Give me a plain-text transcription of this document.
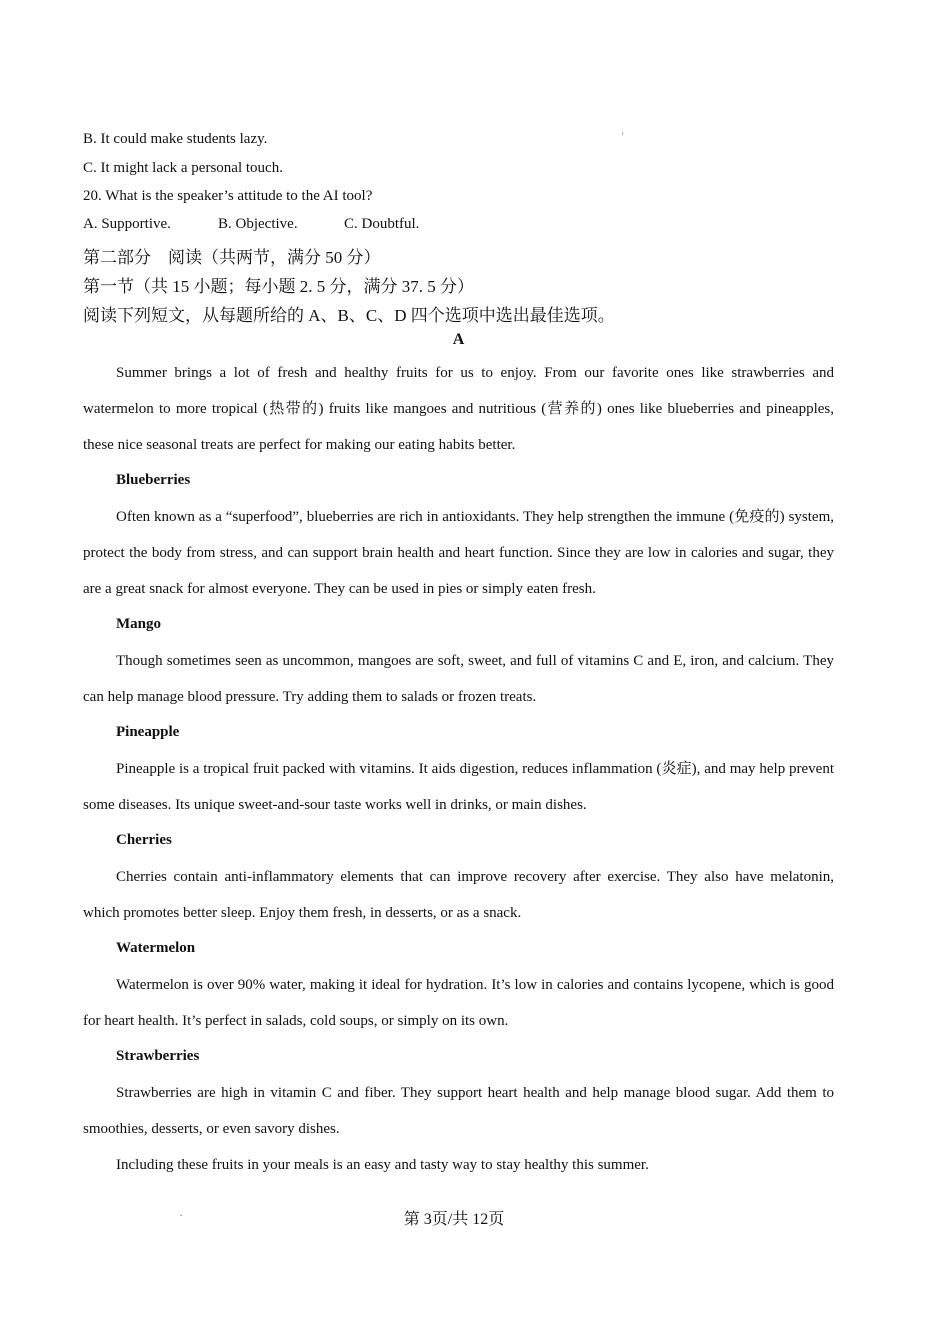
B. It could make students lazy.	'
C. It might lack a personal touch.
20. What is the speaker’s attitude to the AI tool?
A. Supportive.	B. Objective.	C. Doubtful.
第二部分　阅读（共两节，满分 50 分）
第一节（共 15 小题；每小题 2. 5 分，满分 37. 5 分）
阅读下列短文，从每题所给的 A、B、C、D 四个选项中选出最佳选项。
A

Summer brings a lot of fresh and healthy fruits for us to enjoy. From our favorite ones like strawberries and watermelon to more tropical (热带的) fruits like mangoes and nutritious (营养的) ones like blueberries and pineapples, these nice seasonal treats are perfect for making our eating habits better.

Blueberries

Often known as a “superfood”, blueberries are rich in antioxidants. They help strengthen the immune (免疫的) system, protect the body from stress, and can support brain health and heart function. Since they are low in calories and sugar, they are a great snack for almost everyone. They can be used in pies or simply eaten fresh.

Mango

Though sometimes seen as uncommon, mangoes are soft, sweet, and full of vitamins C and E, iron, and calcium. They can help manage blood pressure. Try adding them to salads or frozen treats.

Pineapple

Pineapple is a tropical fruit packed with vitamins. It aids digestion, reduces inflammation (炎症), and may help prevent some diseases. Its unique sweet-and-sour taste works well in drinks, or main dishes.

Cherries

Cherries contain anti-inflammatory elements that can improve recovery after exercise. They also have melatonin, which promotes better sleep. Enjoy them fresh, in desserts, or as a snack.

Watermelon

Watermelon is over 90% water, making it ideal for hydration. It’s low in calories and contains lycopene, which is good for heart health. It’s perfect in salads, cold soups, or simply on its own.

Strawberries

Strawberries are high in vitamin C and fiber. They support heart health and help manage blood sugar. Add them to smoothies, desserts, or even savory dishes.

Including these fruits in your meals is an easy and tasty way to stay healthy this summer.

.	第 3页/共 12页
